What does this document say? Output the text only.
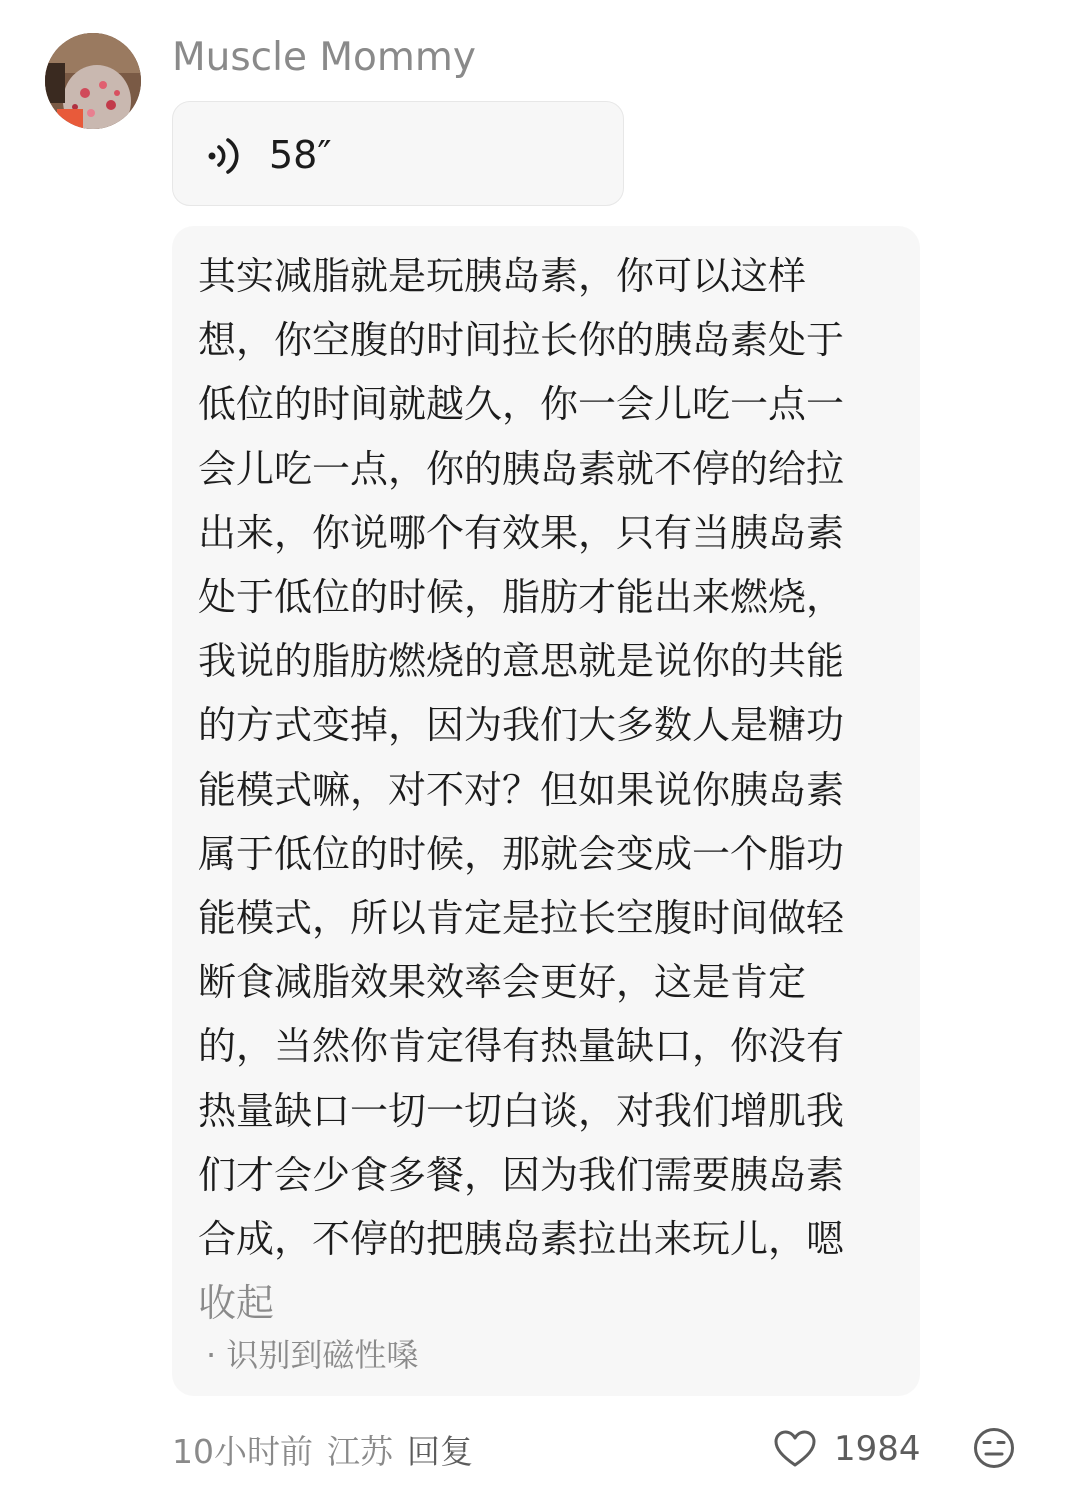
Muscle Mommy
58″

其实减脂就是玩胰岛素，你可以这样想，你空腹的时间拉长你的胰岛素处于低位的时间就越久，你一会儿吃一点一会儿吃一点，你的胰岛素就不停的给拉出来，你说哪个有效果，只有当胰岛素处于低位的时候，脂肪才能出来燃烧，我说的脂肪燃烧的意思就是说你的共能的方式变掉，因为我们大多数人是糖功能模式嘛，对不对？但如果说你胰岛素属于低位的时候，那就会变成一个脂功能模式，所以肯定是拉长空腹时间做轻断食减脂效果效率会更好，这是肯定的，当然你肯定得有热量缺口，你没有热量缺口一切一切白谈，对我们增肌我们才会少食多餐，因为我们需要胰岛素合成，不停的把胰岛素拉出来玩儿，嗯收起

· 识别到磁性嗓
10小时前 江苏 回复	1984
